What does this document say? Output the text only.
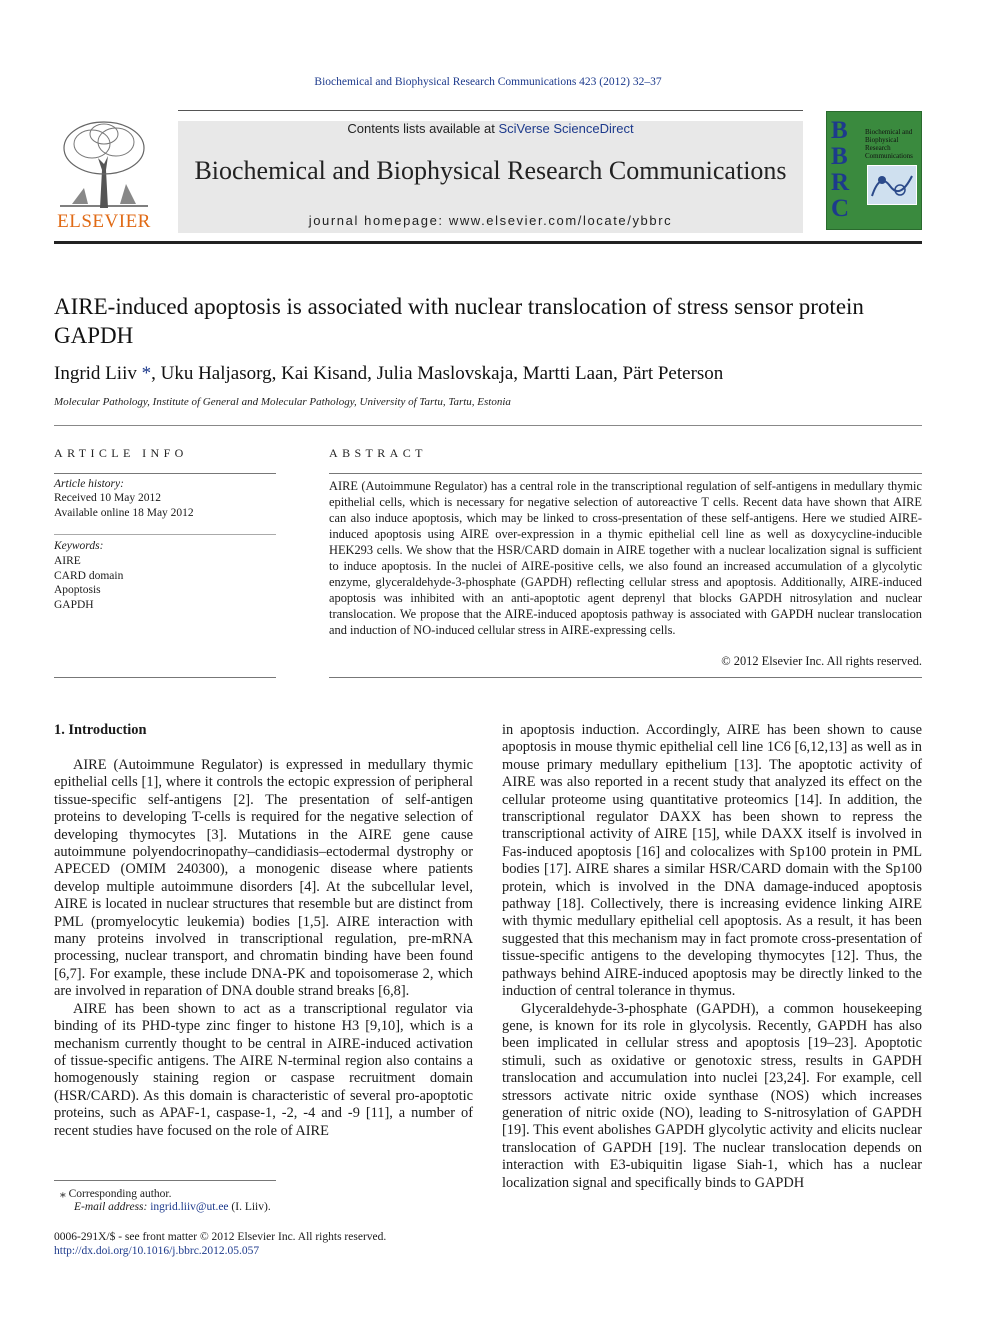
Biochemical and Biophysical Research Communications 423 (2012) 32–37
ELSEVIER
Contents lists available at SciVerse ScienceDirect
Biochemical and Biophysical Research Communications
journal homepage: www.elsevier.com/locate/ybbrc
B
B
R
C
Biochemical and Biophysical Research Communications
AIRE-induced apoptosis is associated with nuclear translocation of stress sensor protein GAPDH
Ingrid Liiv *, Uku Haljasorg, Kai Kisand, Julia Maslovskaja, Martti Laan, Pärt Peterson
Molecular Pathology, Institute of General and Molecular Pathology, University of Tartu, Tartu, Estonia
ARTICLE INFO	ABSTRACT
Article history:
Received 10 May 2012
Available online 18 May 2012
Keywords:
AIRE
CARD domain
Apoptosis
GAPDH
AIRE (Autoimmune Regulator) has a central role in the transcriptional regulation of self-antigens in medullary thymic epithelial cells, which is necessary for negative selection of autoreactive T cells. Recent data have shown that AIRE can also induce apoptosis, which may be linked to cross-presentation of these self-antigens. Here we studied AIRE-induced apoptosis using AIRE over-expression in a thymic epithelial cell line as well as doxycycline-inducible HEK293 cells. We show that the HSR/CARD domain in AIRE together with a nuclear localization signal is sufficient to induce apoptosis. In the nuclei of AIRE-positive cells, we also found an increased accumulation of a glycolytic enzyme, glyceraldehyde-3-phosphate (GAPDH) reflecting cellular stress and apoptosis. Additionally, AIRE-induced apoptosis was inhibited with an anti-apoptotic agent deprenyl that blocks GAPDH nitrosylation and nuclear translocation. We propose that the AIRE-induced apoptosis pathway is associated with GAPDH nuclear translocation and induction of NO-induced cellular stress in AIRE-expressing cells.
© 2012 Elsevier Inc. All rights reserved.
1. Introduction

AIRE (Autoimmune Regulator) is expressed in medullary thymic epithelial cells [1], where it controls the ectopic expression of peripheral tissue-specific self-antigens [2]. The presentation of self-antigen proteins to developing T-cells is required for the negative selection of developing thymocytes [3]. Mutations in the AIRE gene cause autoimmune polyendocrinopathy–candidiasis–ectodermal dystrophy or APECED (OMIM 240300), a monogenic disease where patients develop multiple autoimmune disorders [4]. At the subcellular level, AIRE is located in nuclear structures that resemble but are distinct from PML (promyelocytic leukemia) bodies [1,5]. AIRE interaction with many proteins involved in transcriptional regulation, pre-mRNA processing, nuclear transport, and chromatin binding have been found [6,7]. For example, these include DNA-PK and topoisomerase 2, which are involved in reparation of DNA double strand breaks [6,8].

AIRE has been shown to act as a transcriptional regulator via binding of its PHD-type zinc finger to histone H3 [9,10], which is a mechanism currently thought to be central in AIRE-induced activation of tissue-specific antigens. The AIRE N-terminal region also contains a homogenously staining region or caspase recruitment domain (HSR/CARD). As this domain is characteristic of several pro-apoptotic proteins, such as APAF-1, caspase-1, -2, -4 and -9 [11], a number of recent studies have focused on the role of AIRE

in apoptosis induction. Accordingly, AIRE has been shown to cause apoptosis in mouse thymic epithelial cell line 1C6 [6,12,13] as well as in mouse primary medullary epithelium [13]. The apoptotic activity of AIRE was also reported in a recent study that analyzed its effect on the cellular proteome using quantitative proteomics [14]. In addition, the transcriptional regulator DAXX has been shown to repress the transcriptional activity of AIRE [15], while DAXX itself is involved in Fas-induced apoptosis [16] and colocalizes with Sp100 protein in PML bodies [17]. AIRE shares a similar HSR/CARD domain with the Sp100 protein, which is involved in the DNA damage-induced apoptosis pathway [18]. Collectively, there is increasing evidence linking AIRE with thymic medullary epithelial cell apoptosis. As a result, it has been suggested that this mechanism may in fact promote cross-presentation of tissue-specific antigens to the developing thymocytes [12]. Thus, the pathways behind AIRE-induced apoptosis may be directly linked to the induction of central tolerance in thymus.

Glyceraldehyde-3-phosphate (GAPDH), a common housekeeping gene, is known for its role in glycolysis. Recently, GAPDH has also been implicated in cellular stress and apoptosis [19–23]. Apoptotic stimuli, such as oxidative or genotoxic stress, results in GAPDH translocation and accumulation into nuclei [23,24]. For example, cell stressors activate nitric oxide synthase (NOS) which increases generation of nitric oxide (NO), leading to S-nitrosylation of GAPDH [19]. This event abolishes GAPDH glycolytic activity and elicits nuclear translocation of GAPDH [19]. The nuclear translocation depends on interaction with E3-ubiquitin ligase Siah-1, which has a nuclear localization signal and specifically binds to GAPDH

⁎ Corresponding author.
E-mail address: ingrid.liiv@ut.ee (I. Liiv).
0006-291X/$ - see front matter © 2012 Elsevier Inc. All rights reserved.
http://dx.doi.org/10.1016/j.bbrc.2012.05.057
